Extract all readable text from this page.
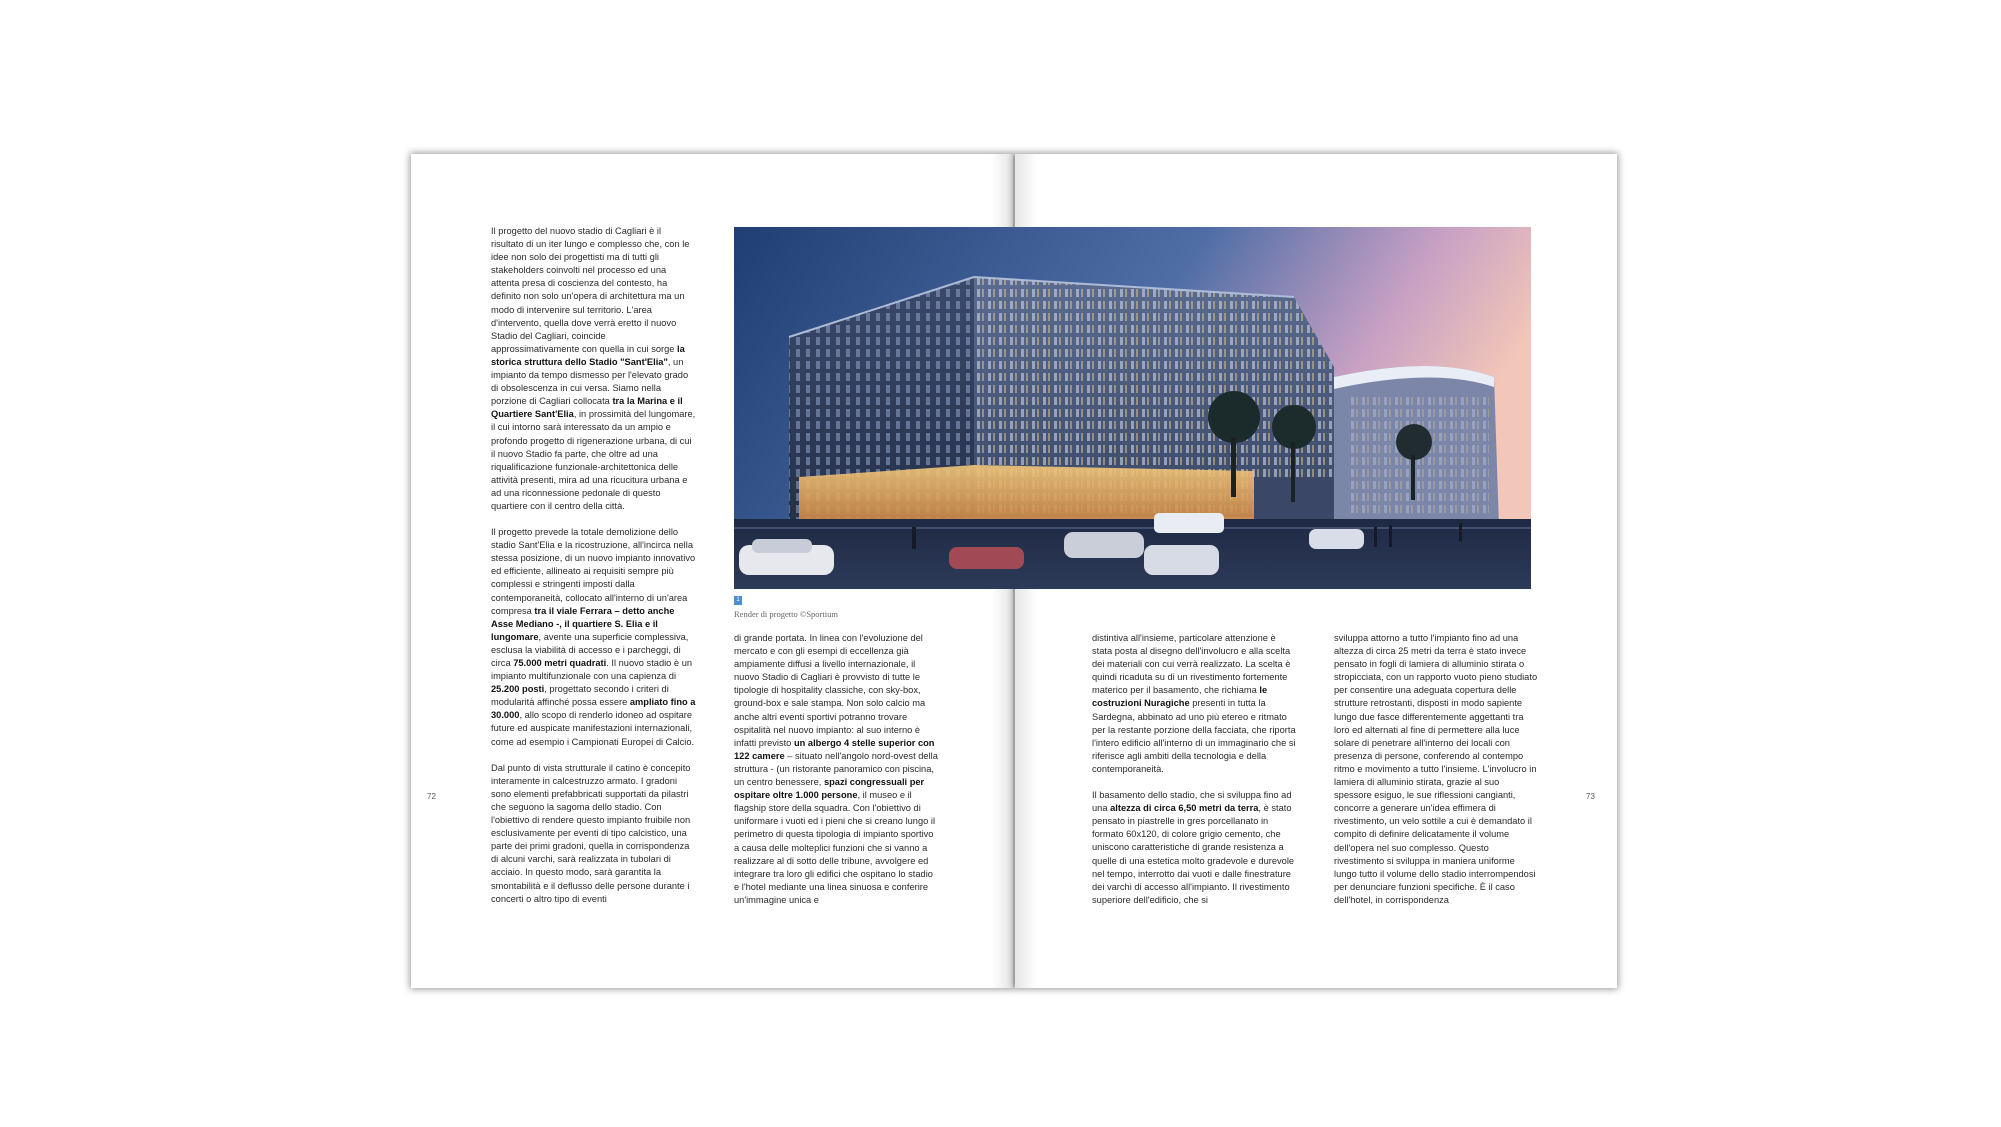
Il progetto del nuovo stadio di Cagliari è il risultato di un iter lungo e complesso che, con le idee non solo dei progettisti ma di tutti gli stakeholders coinvolti nel processo ed una attenta presa di coscienza del contesto, ha definito non solo un'opera di architettura ma un modo di intervenire sul territorio. L'area d'intervento, quella dove verrà eretto il nuovo Stadio del Cagliari, coincide approssimativamente con quella in cui sorge la storica struttura dello Stadio "Sant'Elia", un impianto da tempo dismesso per l'elevato grado di obsolescenza in cui versa. Siamo nella porzione di Cagliari collocata tra la Marina e il Quartiere Sant'Elia, in prossimità del lungomare, il cui intorno sarà interessato da un ampio e profondo progetto di rigenerazione urbana, di cui il nuovo Stadio fa parte, che oltre ad una riqualificazione funzionale-architettonica delle attività presenti, mira ad una ricucitura urbana e ad una riconnessione pedonale di questo quartiere con il centro della città.

Il progetto prevede la totale demolizione dello stadio Sant'Elia e la ricostruzione, all'incirca nella stessa posizione, di un nuovo impianto innovativo ed efficiente, allineato ai requisiti sempre più complessi e stringenti imposti dalla contemporaneità, collocato all'interno di un'area compresa tra il viale Ferrara – detto anche Asse Mediano -, il quartiere S. Elia e il lungomare, avente una superficie complessiva, esclusa la viabilità di accesso e i parcheggi, di circa 75.000 metri quadrati. Il nuovo stadio è un impianto multifunzionale con una capienza di 25.200 posti, progettato secondo i criteri di modularità affinché possa essere ampliato fino a 30.000, allo scopo di renderlo idoneo ad ospitare future ed auspicate manifestazioni internazionali, come ad esempio i Campionati Europei di Calcio.

Dal punto di vista strutturale il catino è concepito interamente in calcestruzzo armato. I gradoni sono elementi prefabbricati supportati da pilastri che seguono la sagoma dello stadio. Con l'obiettivo di rendere questo impianto fruibile non esclusivamente per eventi di tipo calcistico, una parte dei primi gradoni, quella in corrispondenza di alcuni varchi, sarà realizzata in tubolari di acciaio. In questo modo, sarà garantita la smontabilità e il deflusso delle persone durante i concerti o altro tipo di eventi

1
Render di progetto ©Sportium

di grande portata. In linea con l'evoluzione del mercato e con gli esempi di eccellenza già ampiamente diffusi a livello internazionale, il nuovo Stadio di Cagliari è provvisto di tutte le tipologie di hospitality classiche, con sky-box, ground-box e sale stampa. Non solo calcio ma anche altri eventi sportivi potranno trovare ospitalità nel nuovo impianto: al suo interno è infatti previsto un albergo 4 stelle superior con 122 camere – situato nell'angolo nord-ovest della struttura - (un ristorante panoramico con piscina, un centro benessere, spazi congressuali per ospitare oltre 1.000 persone, il museo e il flagship store della squadra. Con l'obiettivo di uniformare i vuoti ed i pieni che si creano lungo il perimetro di questa tipologia di impianto sportivo a causa delle molteplici funzioni che si vanno a realizzare al di sotto delle tribune, avvolgere ed integrare tra loro gli edifici che ospitano lo stadio e l'hotel mediante una linea sinuosa e conferire un'immagine unica e

distintiva all'insieme, particolare attenzione è stata posta al disegno dell'involucro e alla scelta dei materiali con cui verrà realizzato. La scelta è quindi ricaduta su di un rivestimento fortemente materico per il basamento, che richiama le costruzioni Nuragiche presenti in tutta la Sardegna, abbinato ad uno più etereo e ritmato per la restante porzione della facciata, che riporta l'intero edificio all'interno di un immaginario che si riferisce agli ambiti della tecnologia e della contemporaneità.

Il basamento dello stadio, che si sviluppa fino ad una altezza di circa 6,50 metri da terra, è stato pensato in piastrelle in gres porcellanato in formato 60x120, di colore grigio cemento, che uniscono caratteristiche di grande resistenza a quelle di una estetica molto gradevole e durevole nel tempo, interrotto dai vuoti e dalle finestrature dei varchi di accesso all'impianto. Il rivestimento superiore dell'edificio, che si

sviluppa attorno a tutto l'impianto fino ad una altezza di circa 25 metri da terra è stato invece pensato in fogli di lamiera di alluminio stirata o stropicciata, con un rapporto vuoto pieno studiato per consentire una adeguata copertura delle strutture retrostanti, disposti in modo sapiente lungo due fasce differentemente aggettanti tra loro ed alternati al fine di permettere alla luce solare di penetrare all'interno dei locali con presenza di persone, conferendo al contempo ritmo e movimento a tutto l'insieme. L'involucro in lamiera di alluminio stirata, grazie al suo spessore esiguo, le sue riflessioni cangianti, concorre a generare un'idea effimera di rivestimento, un velo sottile a cui è demandato il compito di definire delicatamente il volume dell'opera nel suo complesso. Questo rivestimento si sviluppa in maniera uniforme lungo tutto il volume dello stadio interrompendosi per denunciare funzioni specifiche. È il caso dell'hotel, in corrispondenza

72	73
